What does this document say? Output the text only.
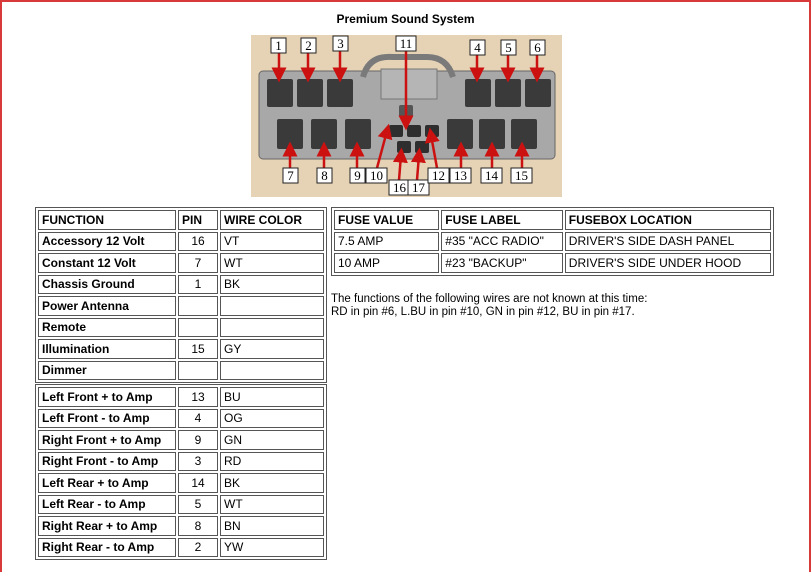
Premium Sound System
1 2 3	11	4 5 6
7 8 9 10
16 17
12 13 14 15
FUNCTION	PIN	WIRE COLOR
Accessory 12 Volt	16	VT
Constant 12 Volt	7	WT
Chassis Ground	1	BK
Power Antenna		
Remote		
Illumination	15	GY
Dimmer		
Left Front + to Amp	13	BU
Left Front - to Amp	4	OG
Right Front + to Amp	9	GN
Right Front - to Amp	3	RD
Left Rear + to Amp	14	BK
Left Rear - to Amp	5	WT
Right Rear + to Amp	8	BN
Right Rear - to Amp	2	YW
FUSE VALUE	FUSE LABEL	FUSEBOX LOCATION
7.5 AMP	#35 "ACC RADIO"	DRIVER'S SIDE DASH PANEL
10 AMP	#23 "BACKUP"	DRIVER'S SIDE UNDER HOOD
The functions of the following wires are not known at this time:
RD in pin #6, L.BU in pin #10, GN in pin #12, BU in pin #17.
